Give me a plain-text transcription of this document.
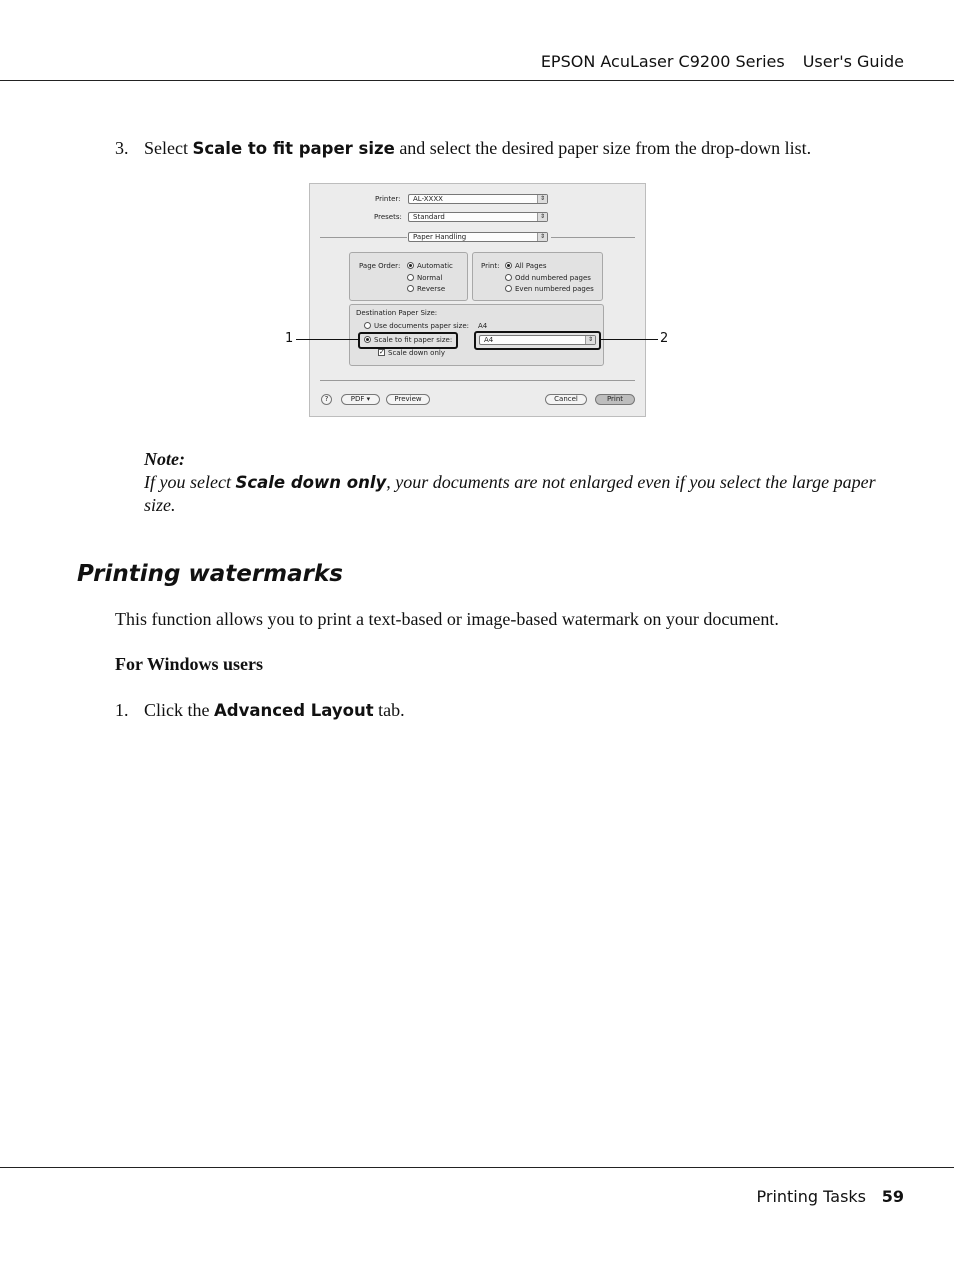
EPSON AcuLaser C9200 Series User's Guide
3. Select Scale to fit paper size and select the desired paper size from the drop-down list.
Printer:	AL-XXXX	⇕
Presets:	Standard	⇕
Paper Handling	⇕
Page Order: Automatic
Normal
Reverse
Print: All Pages
Odd numbered pages
Even numbered pages
Destination Paper Size:
Use documents paper size: A4
Scale to fit paper size:	A4	⇕
✓ Scale down only
?	PDF ▾	Preview	Cancel	Print
1	2
Note:
If you select Scale down only, your documents are not enlarged even if you select the large paper size.
Printing watermarks
This function allows you to print a text-based or image-based watermark on your document.
For Windows users
1. Click the Advanced Layout tab.
Printing Tasks 59
